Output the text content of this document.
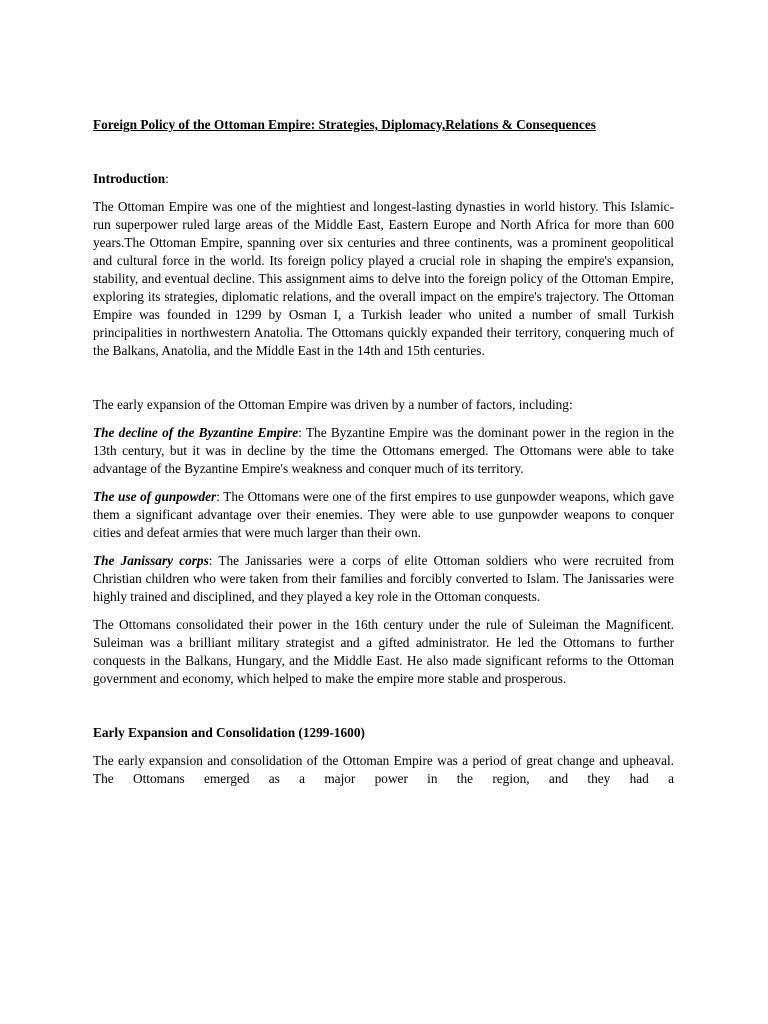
Foreign Policy of the Ottoman Empire: Strategies, Diplomacy,Relations & Consequences

Introduction:

The Ottoman Empire was one of the mightiest and longest-lasting dynasties in world history. This Islamic-run superpower ruled large areas of the Middle East, Eastern Europe and North Africa for more than 600 years.The Ottoman Empire, spanning over six centuries and three continents, was a prominent geopolitical and cultural force in the world. Its foreign policy played a crucial role in shaping the empire's expansion, stability, and eventual decline. This assignment aims to delve into the foreign policy of the Ottoman Empire, exploring its strategies, diplomatic relations, and the overall impact on the empire's trajectory. The Ottoman Empire was founded in 1299 by Osman I, a Turkish leader who united a number of small Turkish principalities in northwestern Anatolia. The Ottomans quickly expanded their territory, conquering much of the Balkans, Anatolia, and the Middle East in the 14th and 15th centuries.

The early expansion of the Ottoman Empire was driven by a number of factors, including:

The decline of the Byzantine Empire: The Byzantine Empire was the dominant power in the region in the 13th century, but it was in decline by the time the Ottomans emerged. The Ottomans were able to take advantage of the Byzantine Empire's weakness and conquer much of its territory.

The use of gunpowder: The Ottomans were one of the first empires to use gunpowder weapons, which gave them a significant advantage over their enemies. They were able to use gunpowder weapons to conquer cities and defeat armies that were much larger than their own.

The Janissary corps: The Janissaries were a corps of elite Ottoman soldiers who were recruited from Christian children who were taken from their families and forcibly converted to Islam. The Janissaries were highly trained and disciplined, and they played a key role in the Ottoman conquests.

The Ottomans consolidated their power in the 16th century under the rule of Suleiman the Magnificent. Suleiman was a brilliant military strategist and a gifted administrator. He led the Ottomans to further conquests in the Balkans, Hungary, and the Middle East. He also made significant reforms to the Ottoman government and economy, which helped to make the empire more stable and prosperous.

Early Expansion and Consolidation (1299-1600)

The early expansion and consolidation of the Ottoman Empire was a period of great change and upheaval. The Ottomans emerged as a major power in the region, and they had a
